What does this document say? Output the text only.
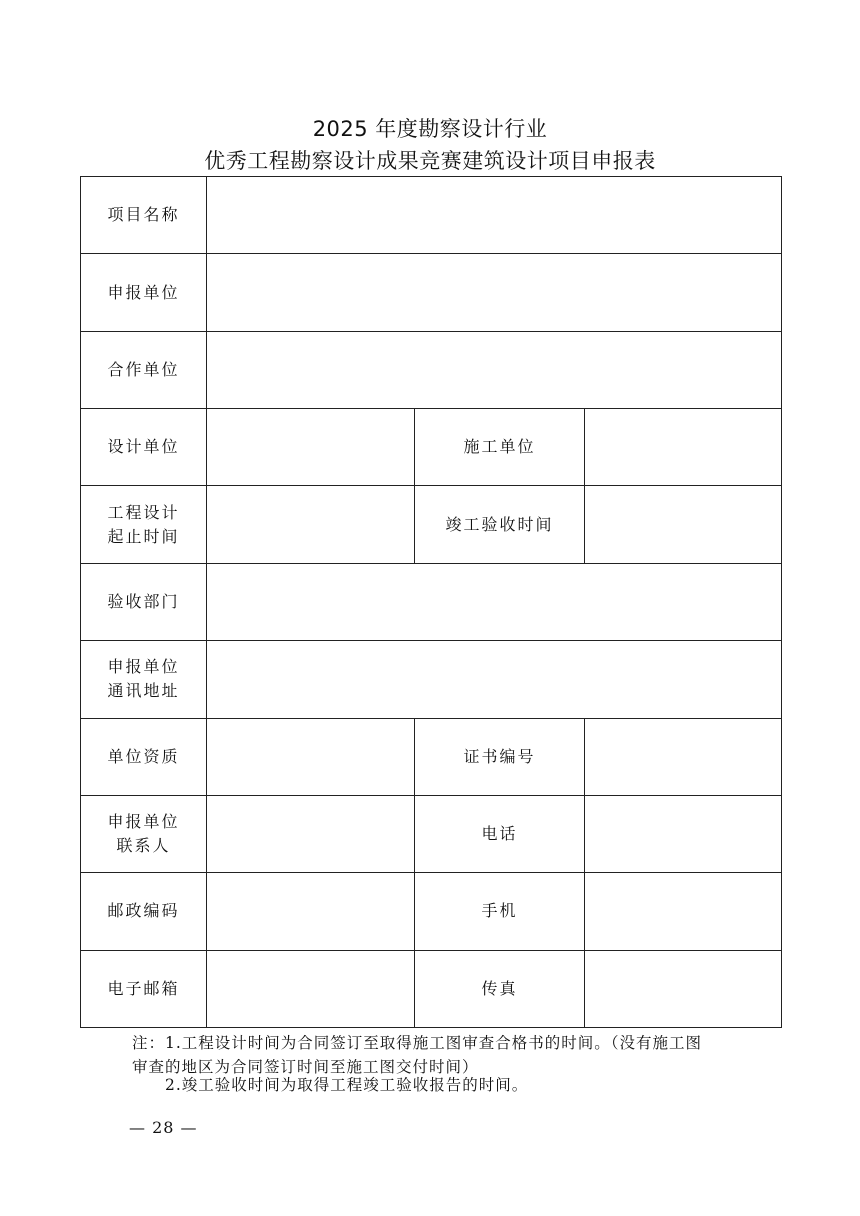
2025 年度勘察设计行业
优秀工程勘察设计成果竞赛建筑设计项目申报表
项目名称			
申报单位			
合作单位			
设计单位		施工单位	

工程设计
起止时间		竣工验收时间	
验收部门			

申报单位
通讯地址			

单位资质		证书编号	

申报单位
联系人		电话	
邮政编码		手机	
电子邮箱		传真	
注：1.工程设计时间为合同签订至取得施工图审查合格书的时间。（没有施工图
审查的地区为合同签订时间至施工图交付时间）
2.竣工验收时间为取得工程竣工验收报告的时间。
— 28 —
